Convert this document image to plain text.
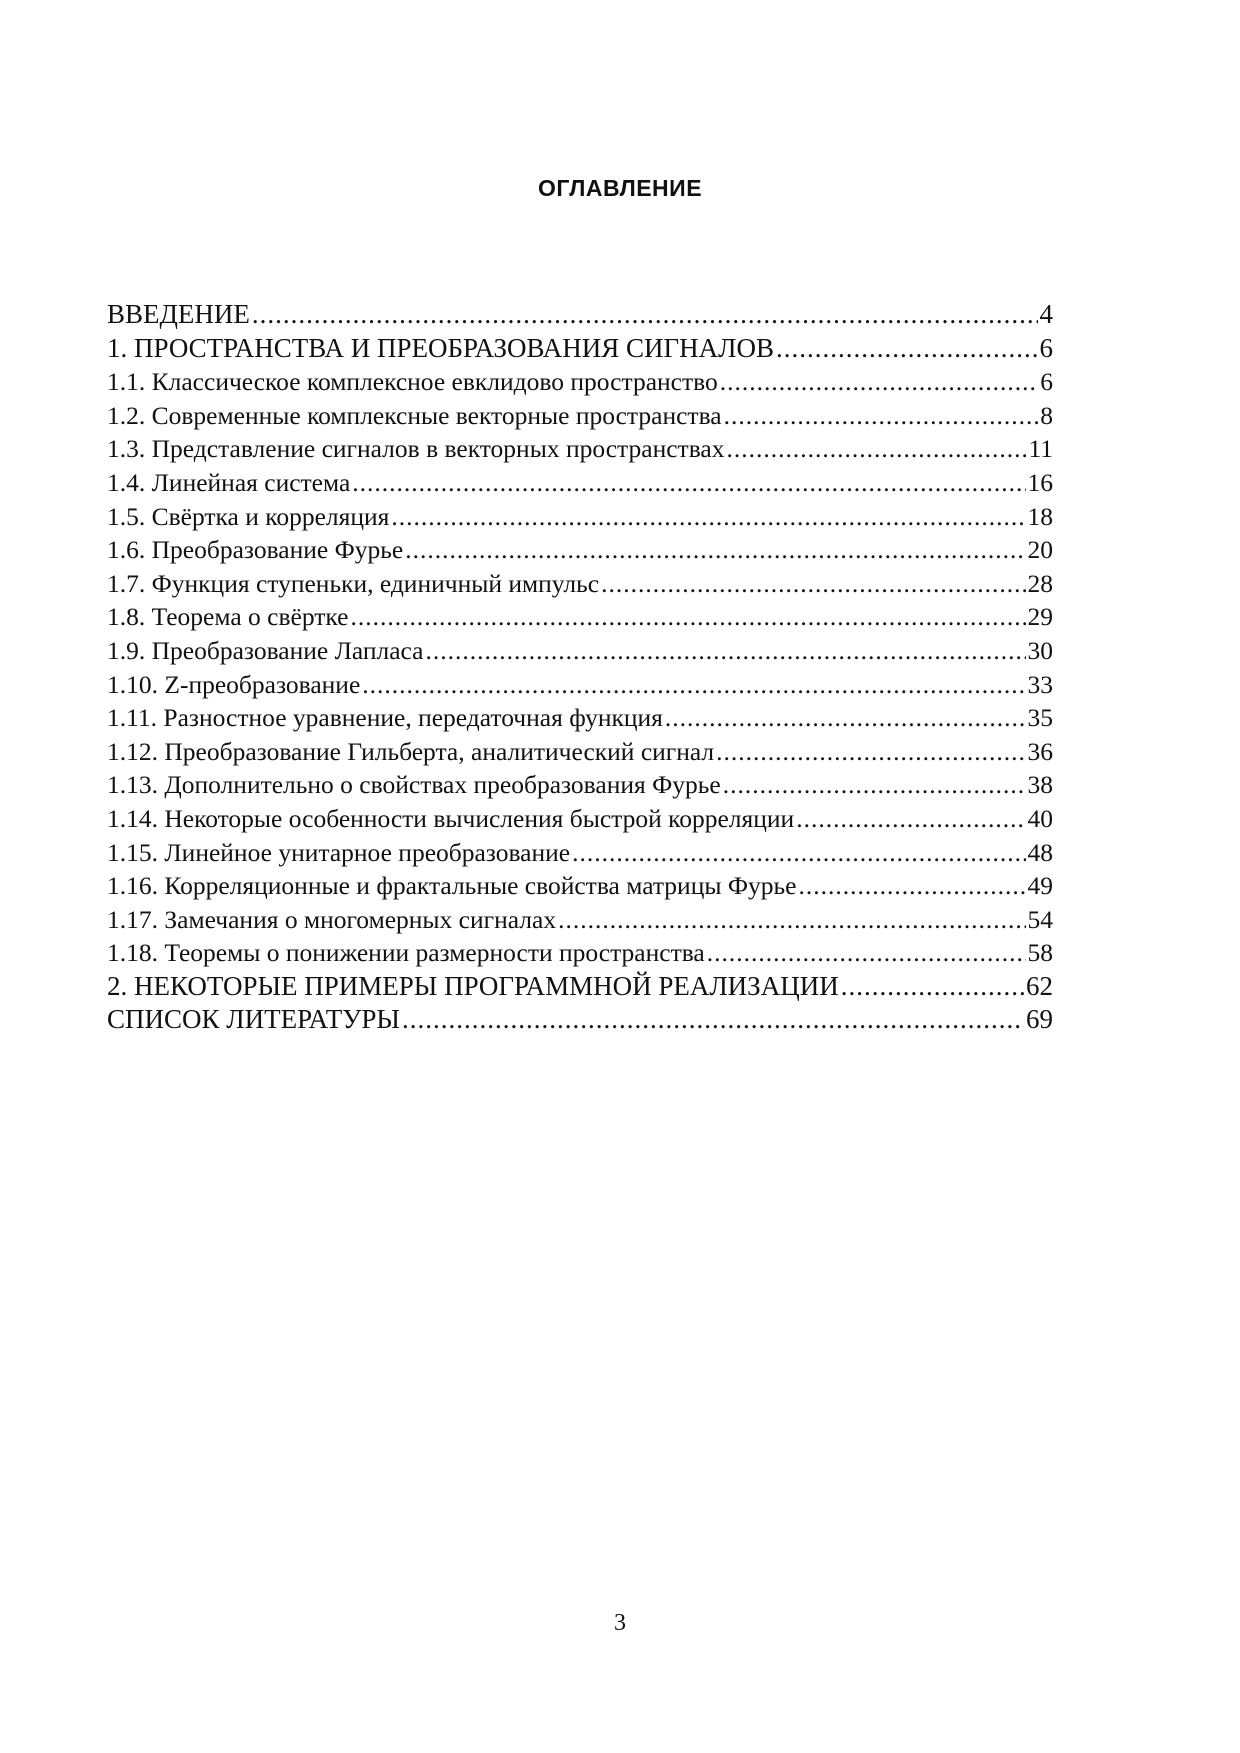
ОГЛАВЛЕНИЕ
ВВЕДЕНИЕ .....	4
1. ПРОСТРАНСТВА И ПРЕОБРАЗОВАНИЯ СИГНАЛОВ .....	6
1.1. Классическое комплексное евклидово пространство .....	6
1.2. Современные комплексные векторные пространства .....	8
1.3. Представление сигналов в векторных пространствах .....	11
1.4. Линейная система .....	16
1.5. Свёртка и корреляция .....	18
1.6. Преобразование Фурье .....	20
1.7. Функция ступеньки, единичный импульс .....	28
1.8. Теорема о свёртке .....	29
1.9. Преобразование Лапласа .....	30
1.10. Z-преобразование .....	33
1.11. Разностное уравнение, передаточная функция .....	35
1.12. Преобразование Гильберта, аналитический сигнал .....	36
1.13. Дополнительно о свойствах преобразования Фурье .....	38
1.14. Некоторые особенности вычисления быстрой корреляции .....	40
1.15. Линейное унитарное преобразование .....	48
1.16. Корреляционные и фрактальные свойства матрицы Фурье .....	49
1.17. Замечания о многомерных сигналах .....	54
1.18. Теоремы о понижении размерности пространства .....	58
2. НЕКОТОРЫЕ ПРИМЕРЫ ПРОГРАММНОЙ РЕАЛИЗАЦИИ .....	62
СПИСОК ЛИТЕРАТУРЫ .....	69
3
